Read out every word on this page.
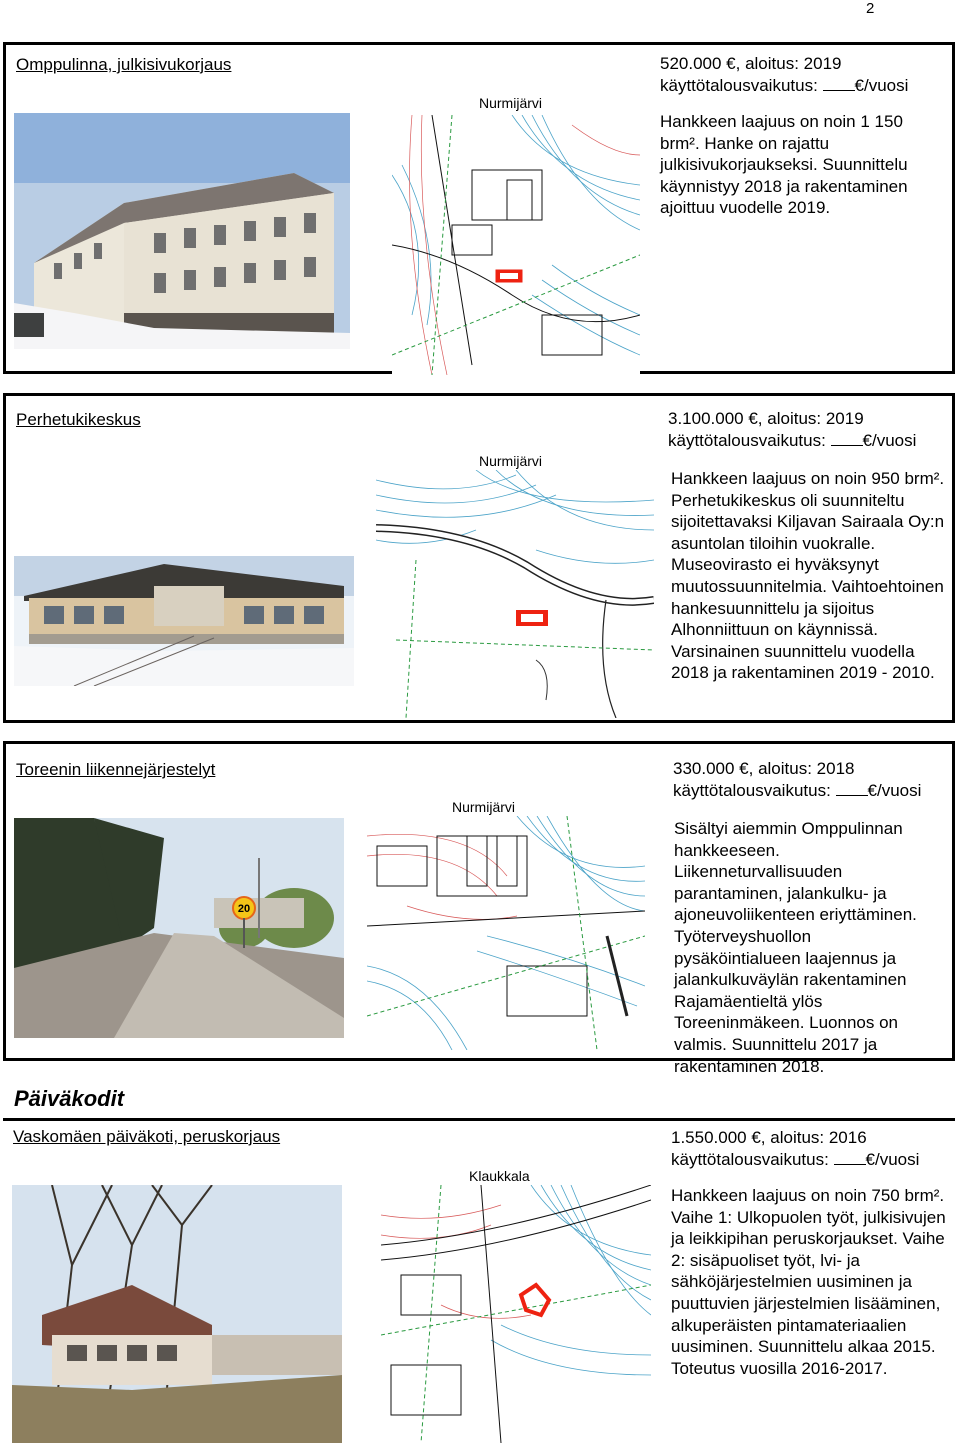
2
Omppulinna, julkisivukorjaus
Nurmijärvi
520.000 €, aloitus: 2019
käyttötalousvaikutus: €/vuosi
Hankkeen laajuus on noin 1 150 brm². Hanke on rajattu julkisivukorjaukseksi. Suunnittelu käynnistyy 2018 ja rakentaminen ajoittuu vuodelle 2019.
Perhetukikeskus
Nurmijärvi
3.100.000 €, aloitus: 2019
käyttötalousvaikutus: €/vuosi
Hankkeen laajuus on noin 950 brm². Perhetukikeskus oli suunniteltu sijoitettavaksi Kiljavan Sairaala Oy:n asuntolan tiloihin vuokralle. Museovirasto ei hyväksynyt muutossuunnitelmia. Vaihtoehtoinen hankesuunnittelu ja sijoitus Alhonniittuun on käynnissä. Varsinainen suunnittelu vuodella 2018 ja rakentaminen 2019 - 2010.
Toreenin liikennejärjestelyt
20
Nurmijärvi
330.000 €, aloitus: 2018
käyttötalousvaikutus: €/vuosi
Sisältyi aiemmin Omppulinnan hankkeeseen. Liikenneturvallisuuden parantaminen, jalankulku- ja ajoneuvoliikenteen eriyttäminen. Työterveyshuollon pysäköintialueen laajennus ja jalankulkuväylän rakentaminen Rajamäentieltä ylös Toreeninmäkeen. Luonnos on valmis. Suunnittelu 2017 ja rakentaminen 2018.
Päiväkodit
Vaskomäen päiväkoti, peruskorjaus
Klaukkala
1.550.000 €, aloitus: 2016
käyttötalousvaikutus: €/vuosi
Hankkeen laajuus on noin 750 brm². Vaihe 1: Ulkopuolen työt, julkisivujen ja leikkipihan peruskorjaukset. Vaihe 2: sisäpuoliset työt, lvi- ja sähköjärjestelmien uusiminen ja puuttuvien järjestelmien lisääminen, alkuperäisten pintamateriaalien uusiminen. Suunnittelu alkaa 2015. Toteutus vuosilla 2016-2017.
